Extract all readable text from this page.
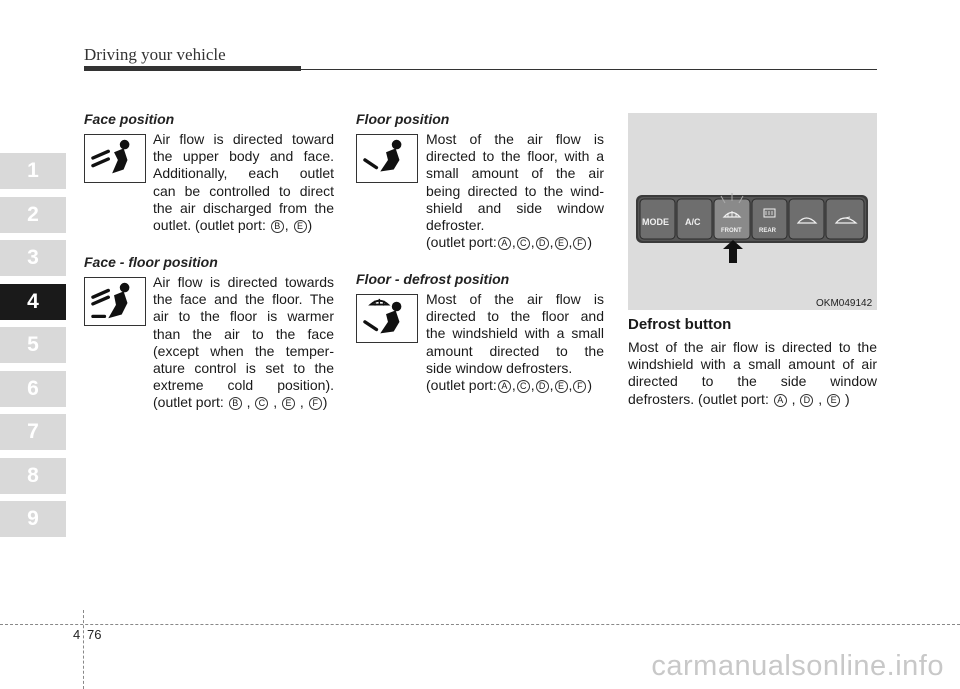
Driving your vehicle
1
2
3
4
5
6
7
8
9
Face position
Air flow is directed toward
the upper body and face.
Additionally, each outlet
can be controlled to direct
the air discharged from the
outlet. (outlet port: B , E )
Face - floor position
Air flow is directed towards
the face and the floor. The
air to the floor is warmer
than the air to the face
(except when the temper-
ature control is set to the
extreme cold position).
(outlet port: B , C , E , F )
Floor position
Most of the air flow is
directed to the floor, with a
small amount of the air
being directed to the wind-
shield and side window
defroster.
(outlet port: A , C , D , E , F )
Floor - defrost position
Most of the air flow is
directed to the floor and
the windshield with a small
amount directed to the
side window defrosters.
(outlet port: A , C , D , E , F )
MODE A/C
FRONT	REAR
OKM049142
Defrost button
Most of the air flow is directed to the
windshield with a small amount of air
directed to the side window
defrosters. (outlet port: A , D , E )
4 76
carmanualsonline.info
